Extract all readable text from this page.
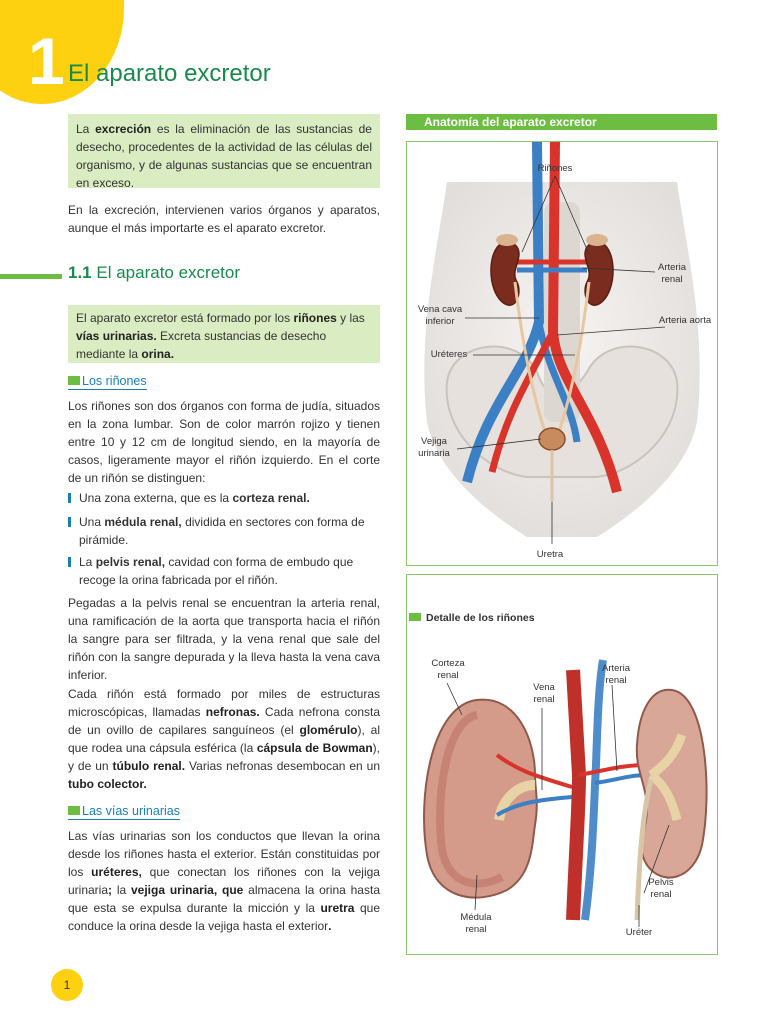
1 El aparato excretor
La excreción es la eliminación de las sustancias de desecho, procedentes de la actividad de las células del organismo, y de algunas sustancias que se encuentran en exceso.
En la excreción, intervienen varios órganos y aparatos, aunque el más importarte es el aparato excretor.
1.1 El aparato excretor
El aparato excretor está formado por los riñones y las vías urinarias. Excreta sustancias de desecho mediante la orina.
Los riñones
Los riñones son dos órganos con forma de judía, situados en la zona lumbar. Son de color marrón rojizo y tienen entre 10 y 12 cm de longitud siendo, en la mayoría de casos, ligeramente mayor el riñón izquierdo. En el corte de un riñón se distinguen:
Una zona externa, que es la corteza renal.
Una médula renal, dividida en sectores con forma de pirámide.
La pelvis renal, cavidad con forma de embudo que recoge la orina fabricada por el riñón.
Pegadas a la pelvis renal se encuentran la arteria renal, una ramificación de la aorta que transporta hacia el riñón la sangre para ser filtrada, y la vena renal que sale del riñón con la sangre depurada y la lleva hasta la vena cava inferior.
Cada riñón está formado por miles de estructuras microscópicas, llamadas nefronas. Cada nefrona consta de un ovillo de capilares sanguíneos (el glomérulo), al que rodea una cápsula esférica (la cápsula de Bowman), y de un túbulo renal. Varias nefronas desembocan en un tubo colector.
Las vías urinarias
Las vías urinarias son los conductos que llevan la orina desde los riñones hasta el exterior. Están constituidas por los uréteres, que conectan los riñones con la vejiga urinaria; la vejiga urinaria, que almacena la orina hasta que esta se expulsa durante la micción y la uretra que conduce la orina desde la vejiga hasta el exterior.
Anatomía del aparato excretor
Riñones
Arteria renal
Vena cava inferior	Arteria aorta
Uréteres
Vejiga urinaria
Uretra
Corteza renal
Vena renal
Arteria renal
Médula renal
Pelvis renal
Uréter
Detalle de los riñones
1
